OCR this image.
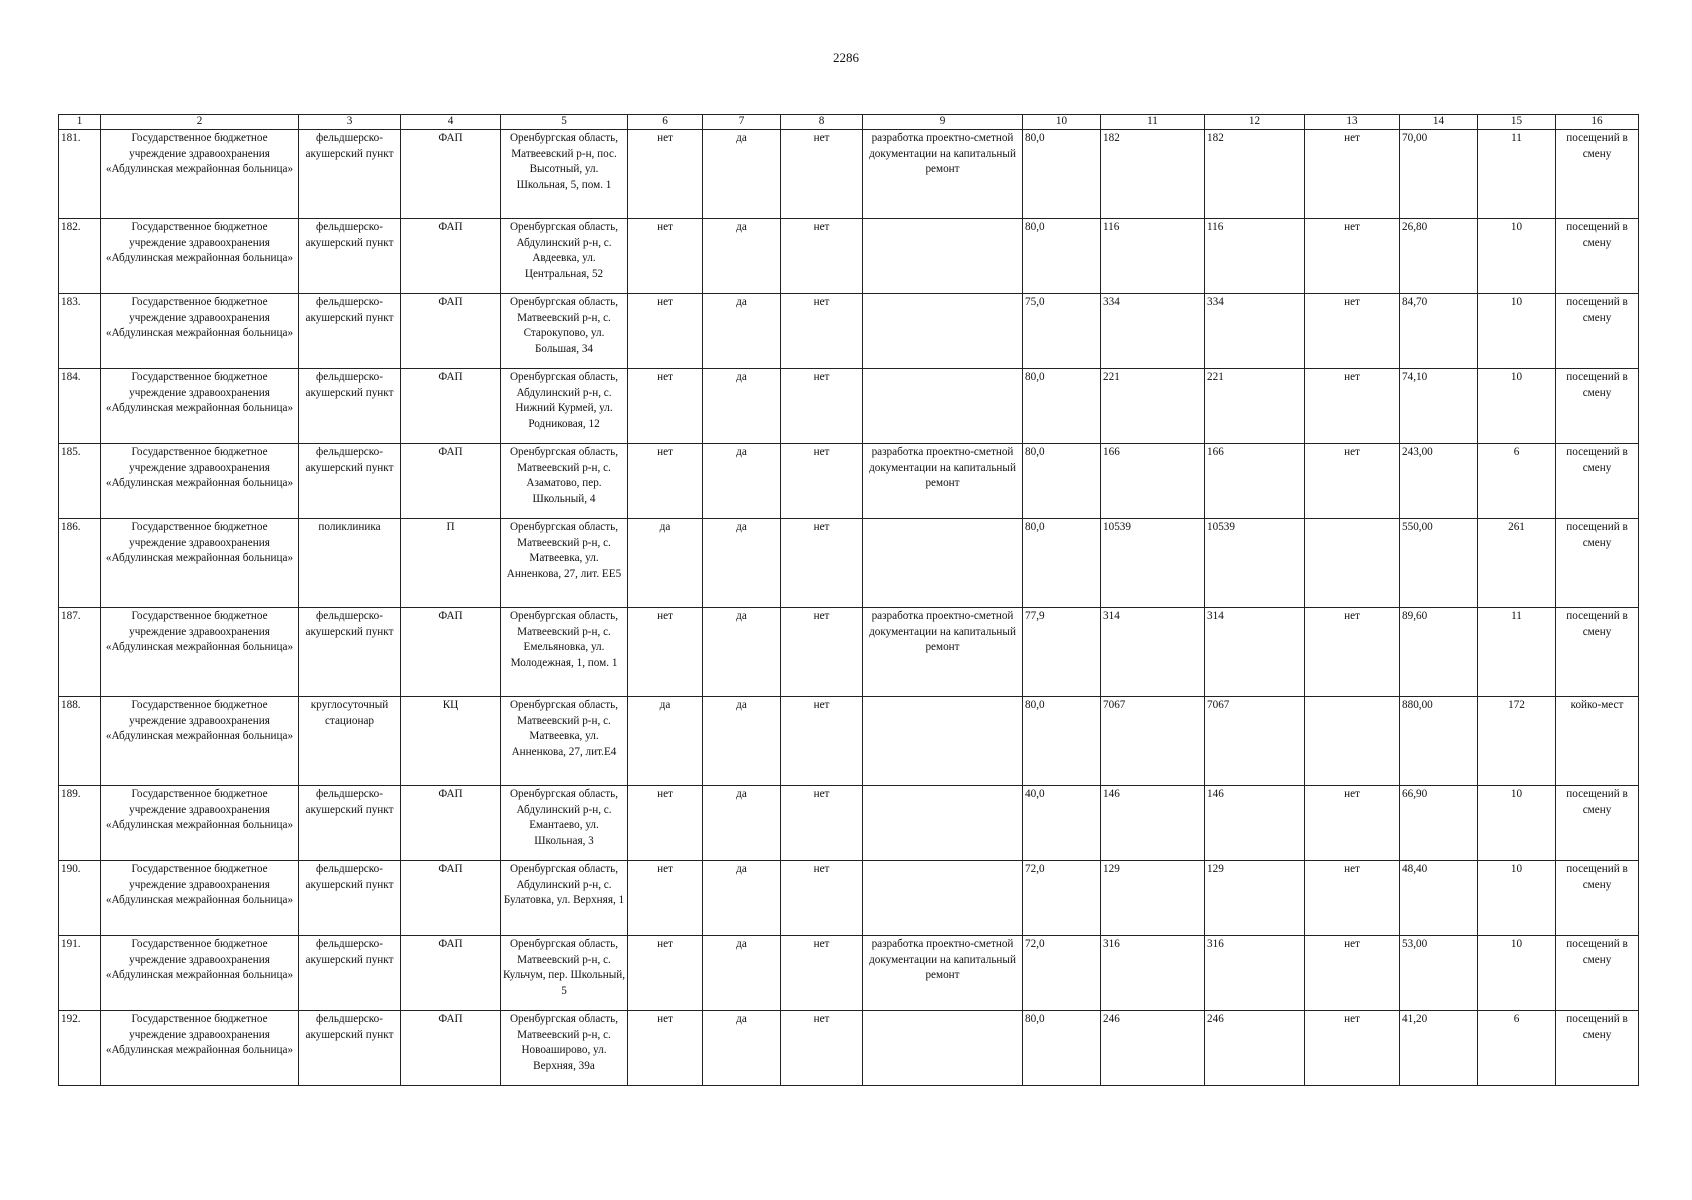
2286
1	2	3	4	5	6	7	8	9	10	11	12	13	14	15	16
181.	Государственное бюджетное учреждение здравоохранения «Абдулинская межрайонная больница»	фельдшерско-акушерский пункт	ФАП	Оренбургская область, Матвеевский р-н, пос. Высотный, ул. Школьная, 5, пом. 1	нет	да	нет	разработка проектно-сметной документации на капитальный ремонт	80,0	182	182	нет	70,00	11	посещений в смену
182.	Государственное бюджетное учреждение здравоохранения «Абдулинская межрайонная больница»	фельдшерско-акушерский пункт	ФАП	Оренбургская область, Абдулинский р-н, с. Авдеевка, ул. Центральная, 52	нет	да	нет		80,0	116	116	нет	26,80	10	посещений в смену
183.	Государственное бюджетное учреждение здравоохранения «Абдулинская межрайонная больница»	фельдшерско-акушерский пункт	ФАП	Оренбургская область, Матвеевский р-н, с. Старокупово, ул. Большая, 34	нет	да	нет		75,0	334	334	нет	84,70	10	посещений в смену
184.	Государственное бюджетное учреждение здравоохранения «Абдулинская межрайонная больница»	фельдшерско-акушерский пункт	ФАП	Оренбургская область, Абдулинский р-н, с. Нижний Курмей, ул. Родниковая, 12	нет	да	нет		80,0	221	221	нет	74,10	10	посещений в смену
185.	Государственное бюджетное учреждение здравоохранения «Абдулинская межрайонная больница»	фельдшерско-акушерский пункт	ФАП	Оренбургская область, Матвеевский р-н, с. Азаматово, пер. Школьный, 4	нет	да	нет	разработка проектно-сметной документации на капитальный ремонт	80,0	166	166	нет	243,00	6	посещений в смену
186.	Государственное бюджетное учреждение здравоохранения «Абдулинская межрайонная больница»	поликлиника	П	Оренбургская область, Матвеевский р-н, с. Матвеевка, ул. Анненкова, 27, лит. ЕЕ5	да	да	нет		80,0	10539	10539		550,00	261	посещений в смену
187.	Государственное бюджетное учреждение здравоохранения «Абдулинская межрайонная больница»	фельдшерско-акушерский пункт	ФАП	Оренбургская область, Матвеевский р-н, с. Емельяновка, ул. Молодежная, 1, пом. 1	нет	да	нет	разработка проектно-сметной документации на капитальный ремонт	77,9	314	314	нет	89,60	11	посещений в смену
188.	Государственное бюджетное учреждение здравоохранения «Абдулинская межрайонная больница»	круглосуточный стационар	КЦ	Оренбургская область, Матвеевский р-н, с. Матвеевка, ул. Анненкова, 27, лит.Е4	да	да	нет		80,0	7067	7067		880,00	172	койко-мест
189.	Государственное бюджетное учреждение здравоохранения «Абдулинская межрайонная больница»	фельдшерско-акушерский пункт	ФАП	Оренбургская область, Абдулинский р-н, с. Емантаево, ул. Школьная, 3	нет	да	нет		40,0	146	146	нет	66,90	10	посещений в смену
190.	Государственное бюджетное учреждение здравоохранения «Абдулинская межрайонная больница»	фельдшерско-акушерский пункт	ФАП	Оренбургская область, Абдулинский р-н, с. Булатовка, ул. Верхняя, 1	нет	да	нет		72,0	129	129	нет	48,40	10	посещений в смену
191.	Государственное бюджетное учреждение здравоохранения «Абдулинская межрайонная больница»	фельдшерско-акушерский пункт	ФАП	Оренбургская область, Матвеевский р-н, с. Кульчум, пер. Школьный, 5	нет	да	нет	разработка проектно-сметной документации на капитальный ремонт	72,0	316	316	нет	53,00	10	посещений в смену
192.	Государственное бюджетное учреждение здравоохранения «Абдулинская межрайонная больница»	фельдшерско-акушерский пункт	ФАП	Оренбургская область, Матвеевский р-н, с. Новоаширово, ул. Верхняя, 39а	нет	да	нет		80,0	246	246	нет	41,20	6	посещений в смену
